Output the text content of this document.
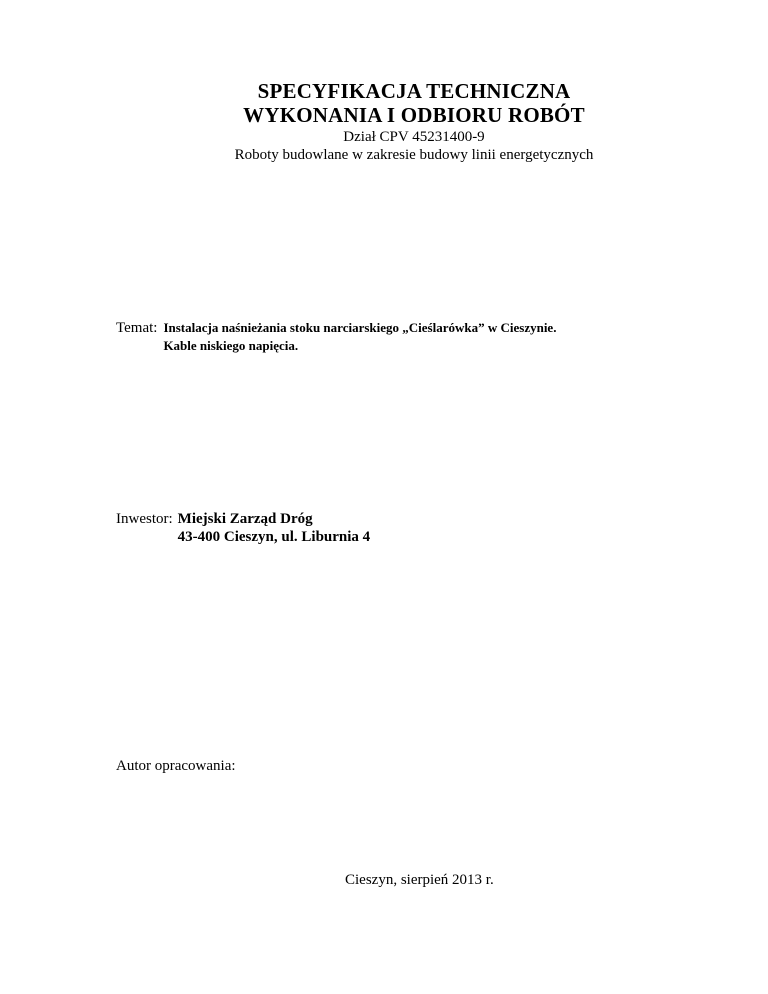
SPECYFIKACJA TECHNICZNA
WYKONANIA I ODBIORU ROBÓT
Dział CPV 45231400-9
Roboty budowlane w zakresie budowy linii energetycznych
Temat: Instalacja naśnieżania stoku narciarskiego „Cieślarówka” w Cieszynie.
Kable niskiego napięcia.
Inwestor: Miejski Zarząd Dróg
43-400 Cieszyn, ul. Liburnia 4
Autor opracowania:
Cieszyn, sierpień 2013 r.
